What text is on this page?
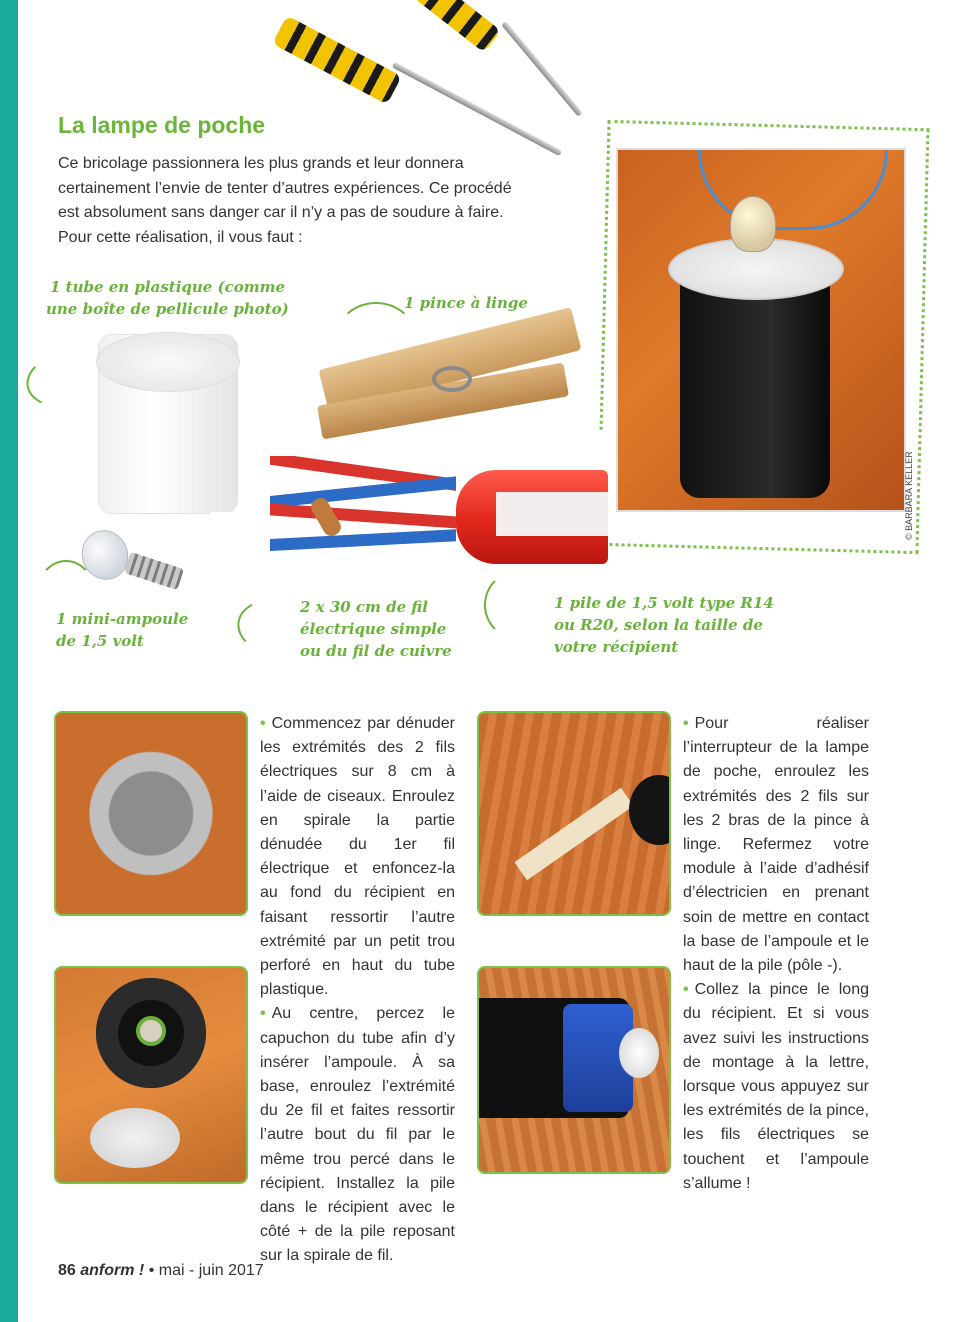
La lampe de poche
Ce bricolage passionnera les plus grands et leur donnera certainement l’envie de tenter d’autres expériences. Ce procédé est absolument sans danger car il n’y a pas de soudure à faire. Pour cette réalisation, il vous faut :
© BARBARA KELLER
1 tube en plastique (comme
une boîte de pellicule photo)	1 pince à linge
1 mini-ampoule
de 1,5 volt
2 x 30 cm de fil
électrique simple
ou du fil de cuivre
1 pile de 1,5 volt type R14
ou R20, selon la taille de
votre récipient

• Commencez par dénuder les extrémités des 2 fils électriques sur 8 cm à l’aide de ciseaux. Enroulez en spirale la partie dénudée du 1er fil électrique et enfoncez-la au fond du récipient en faisant ressortir l’autre extrémité par un petit trou perforé en haut du tube plastique.

• Au centre, percez le capuchon du tube afin d’y insérer l’ampoule. À sa base, enroulez l’extrémité du 2e fil et faites ressortir l’autre bout du fil par le même trou percé dans le récipient. Installez la pile dans le récipient avec le côté + de la pile reposant sur la spirale de fil.

• Pour réaliser l’interrupteur de la lampe de poche, enroulez les extrémités des 2 fils sur les 2 bras de la pince à linge. Refermez votre module à l’aide d’adhésif d’électricien en prenant soin de mettre en contact la base de l’ampoule et le haut de la pile (pôle -).

• Collez la pince le long du récipient. Et si vous avez suivi les instructions de montage à la lettre, lorsque vous appuyez sur les extrémités de la pince, les fils électriques se touchent et l’ampoule s’allume !

86 anform ! • mai - juin 2017
